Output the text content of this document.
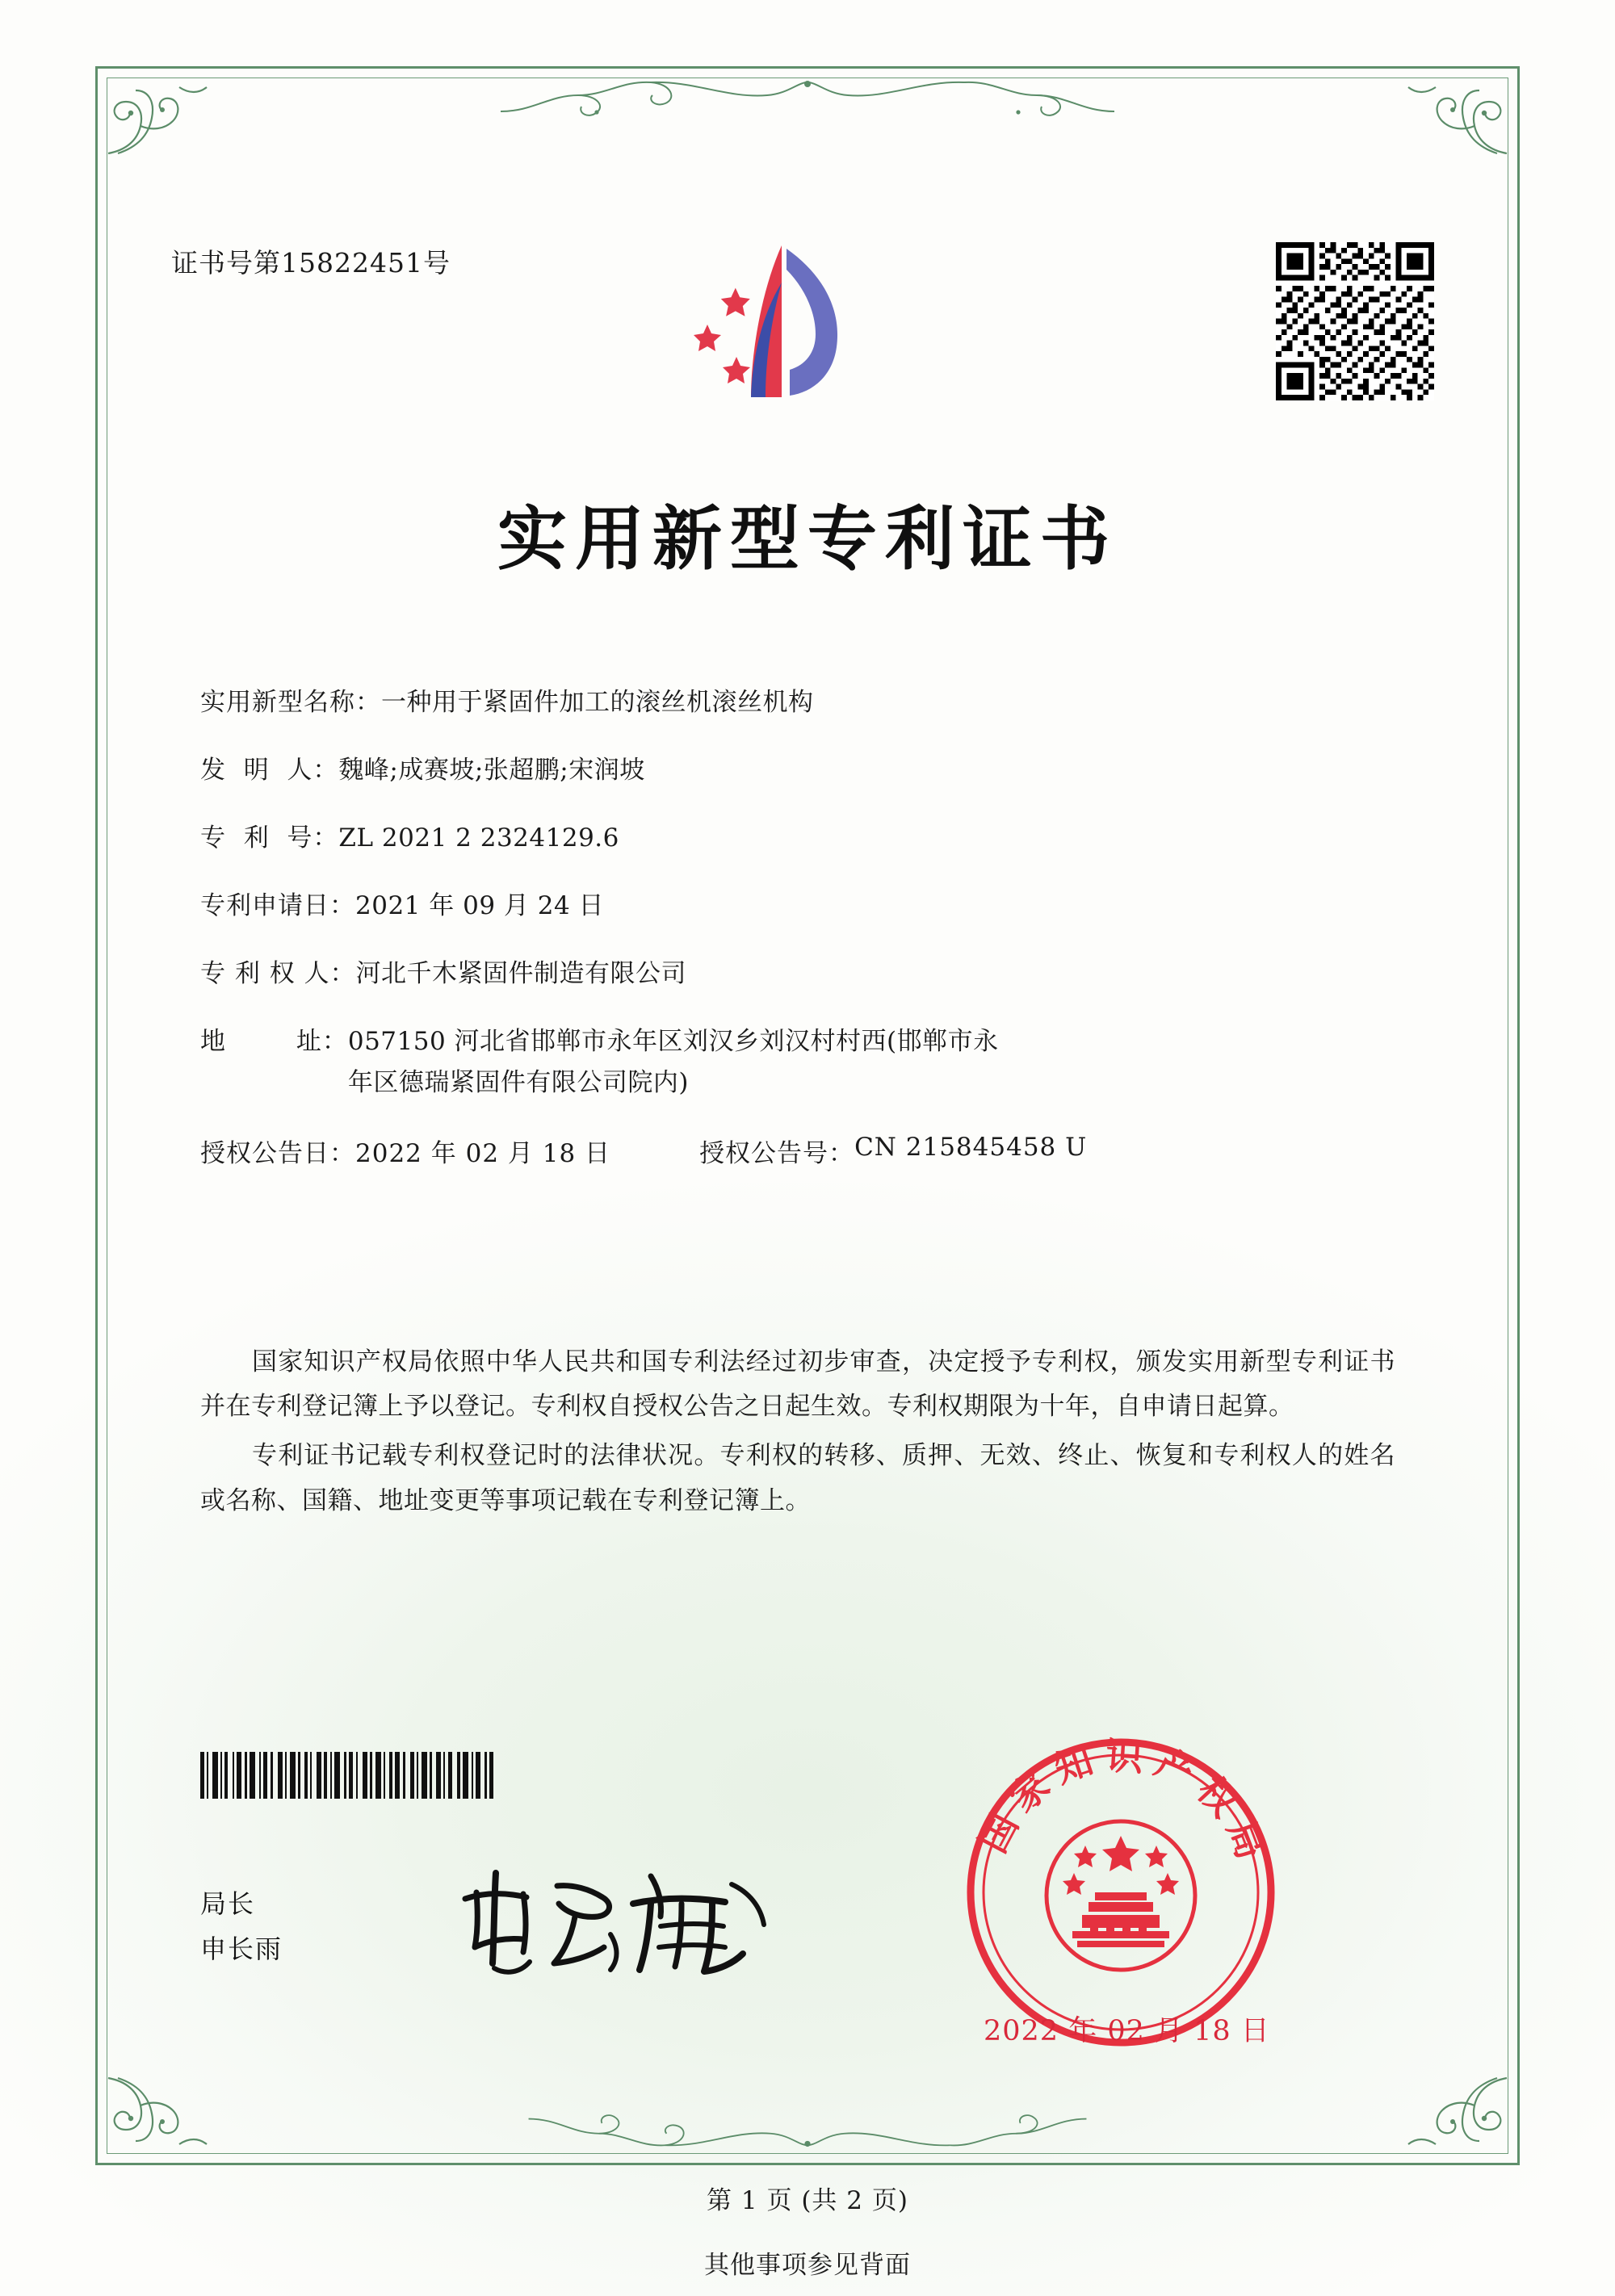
证书号第15822451号
实用新型专利证书
实用新型名称： 一种用于紧固件加工的滚丝机滚丝机构
发  明  人： 魏峰;成赛坡;张超鹏;宋润坡
专  利  号： ZL 2021 2 2324129.6
专利申请日： 2021 年 09 月 24 日
专 利 权 人： 河北千木紧固件制造有限公司
地        址： 057150 河北省邯郸市永年区刘汉乡刘汉村村西(邯郸市永
年区德瑞紧固件有限公司院内)
授权公告日： 2022 年 02 月 18 日	授权公告号： CN 215845458 U

国家知识产权局依照中华人民共和国专利法经过初步审查，决定授予专利权，颁发实用新型专利证书并在专利登记簿上予以登记。专利权自授权公告之日起生效。专利权期限为十年，自申请日起算。

专利证书记载专利权登记时的法律状况。专利权的转移、质押、无效、终止、恢复和专利权人的姓名或名称、国籍、地址变更等事项记载在专利登记簿上。

局长
申长雨
国家知识产权局
2022 年 02 月 18 日
第 1 页 (共 2 页)
其他事项参见背面
